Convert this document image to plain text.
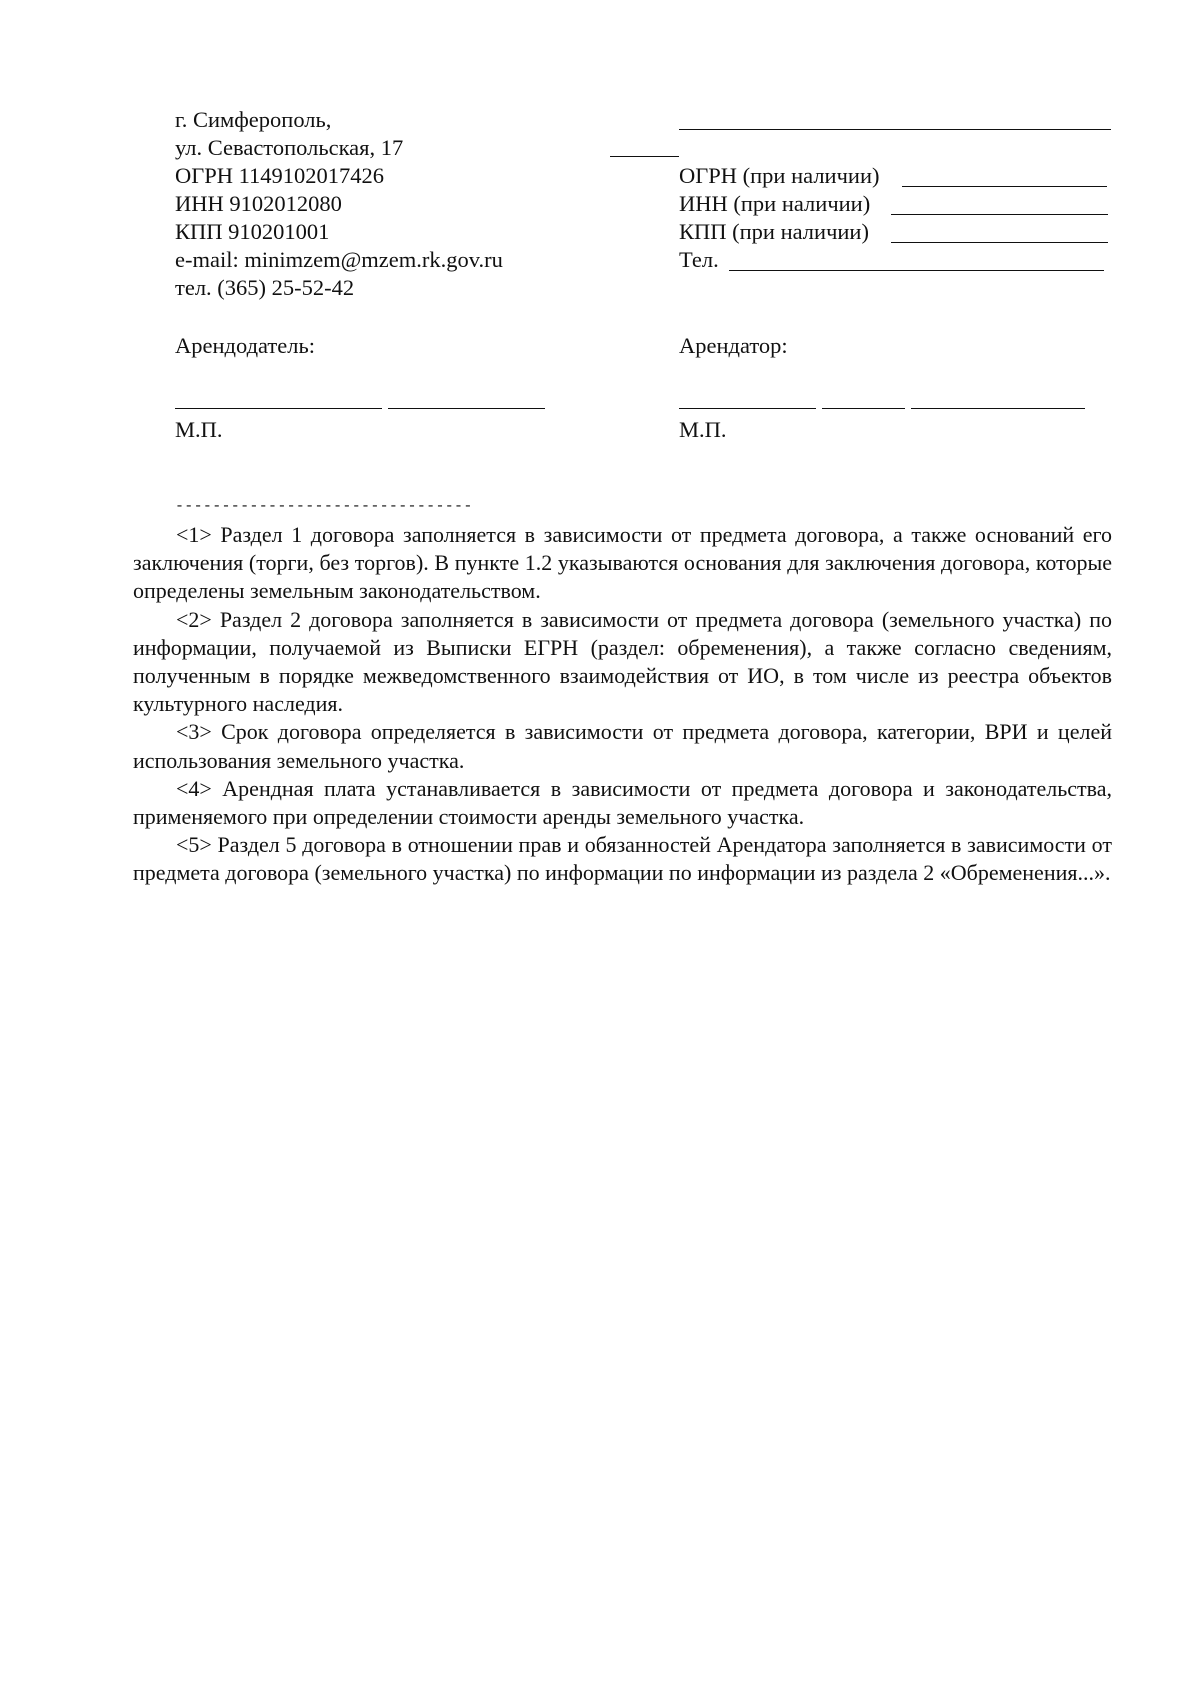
г. Симферополь,
ул. Севастопольская, 17
ОГРН 1149102017426
ИНН 9102012080
КПП 910201001
e-mail: minimzem@mzem.rk.gov.ru
тел. (365) 25-52-42
Арендодатель:
М.П.
ОГРН (при наличии)
ИНН (при наличии)
КПП (при наличии)
Тел.
Арендатор:
М.П.
--------------------------------

<1> Раздел 1 договора заполняется в зависимости от предмета договора, а также оснований его заключения (торги, без торгов). В пункте 1.2 указываются основания для заключения договора, которые определены земельным законодательством.

<2> Раздел 2 договора заполняется в зависимости от предмета договора (земельного участка) по информации, получаемой из Выписки ЕГРН (раздел: обременения), а также согласно сведениям, полученным в порядке межведомственного взаимодействия от ИО, в том числе из реестра объектов культурного наследия.

<3> Срок договора определяется в зависимости от предмета договора, категории, ВРИ и целей использования земельного участка.

<4> Арендная плата устанавливается в зависимости от предмета договора и законодательства, применяемого при определении стоимости аренды земельного участка.

<5> Раздел 5 договора в отношении прав и обязанностей Арендатора заполняется в зависимости от предмета договора (земельного участка) по информации по информации из раздела 2 «Обременения...».
